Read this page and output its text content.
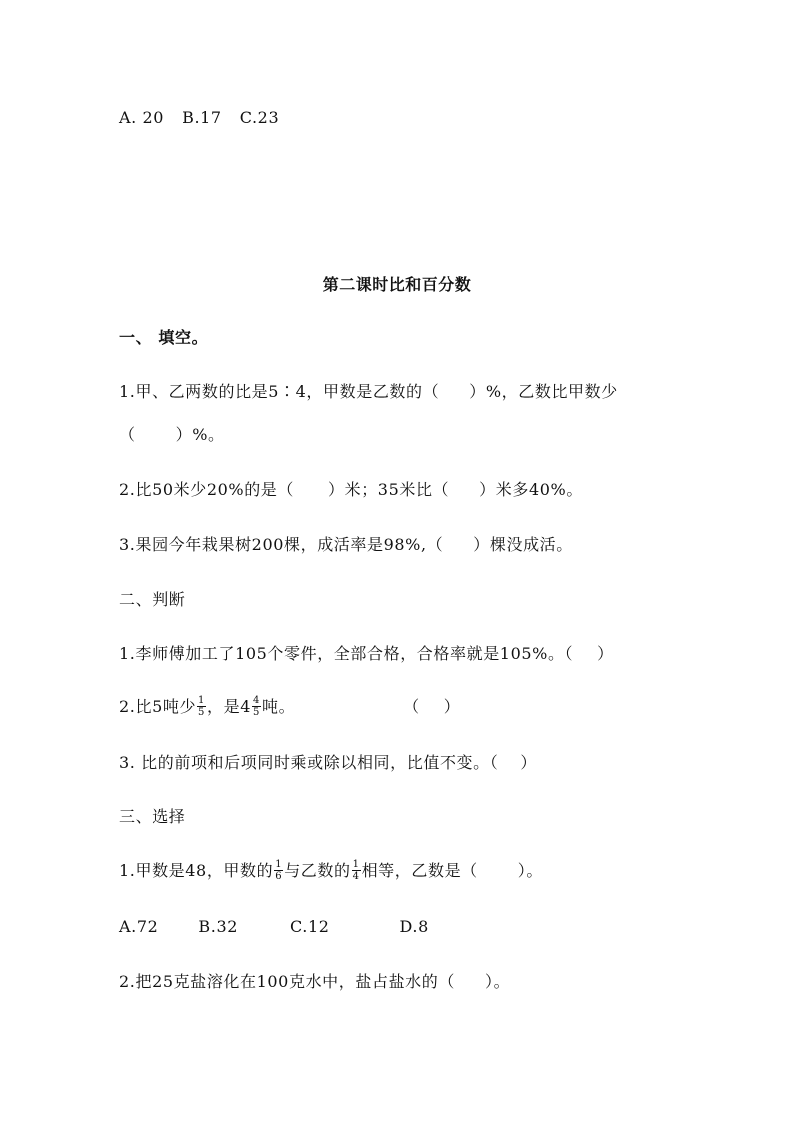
A. 20 B.17 C.23
第二课时比和百分数
一、 填空。
1.甲、乙两数的比是5∶4，甲数是乙数的（ ）%，乙数比甲数少
（	）%。
2.比50米少20%的是（ ）米；35米比（ ）米多40%。
3.果园今年栽果树200棵，成活率是98%,（ ）棵没成活。
二、判断
1.李师傅加工了105个零件，全部合格，合格率就是105%。（ ）
2.比5吨少 $\frac{1}{5}$ ，是$4 \frac{4}{5}$ 吨。	（ ）
3. 比的前项和后项同时乘或除以相同，比值不变。（ ）
三、选择
1.甲数是48，甲数的 $\frac{1}{6}$ 与乙数的 $\frac{1}{4}$ 相等，乙数是（	）。
A.72	B.32	C.12	D.8
2.把25克盐溶化在100克水中，盐占盐水的（ ）。
